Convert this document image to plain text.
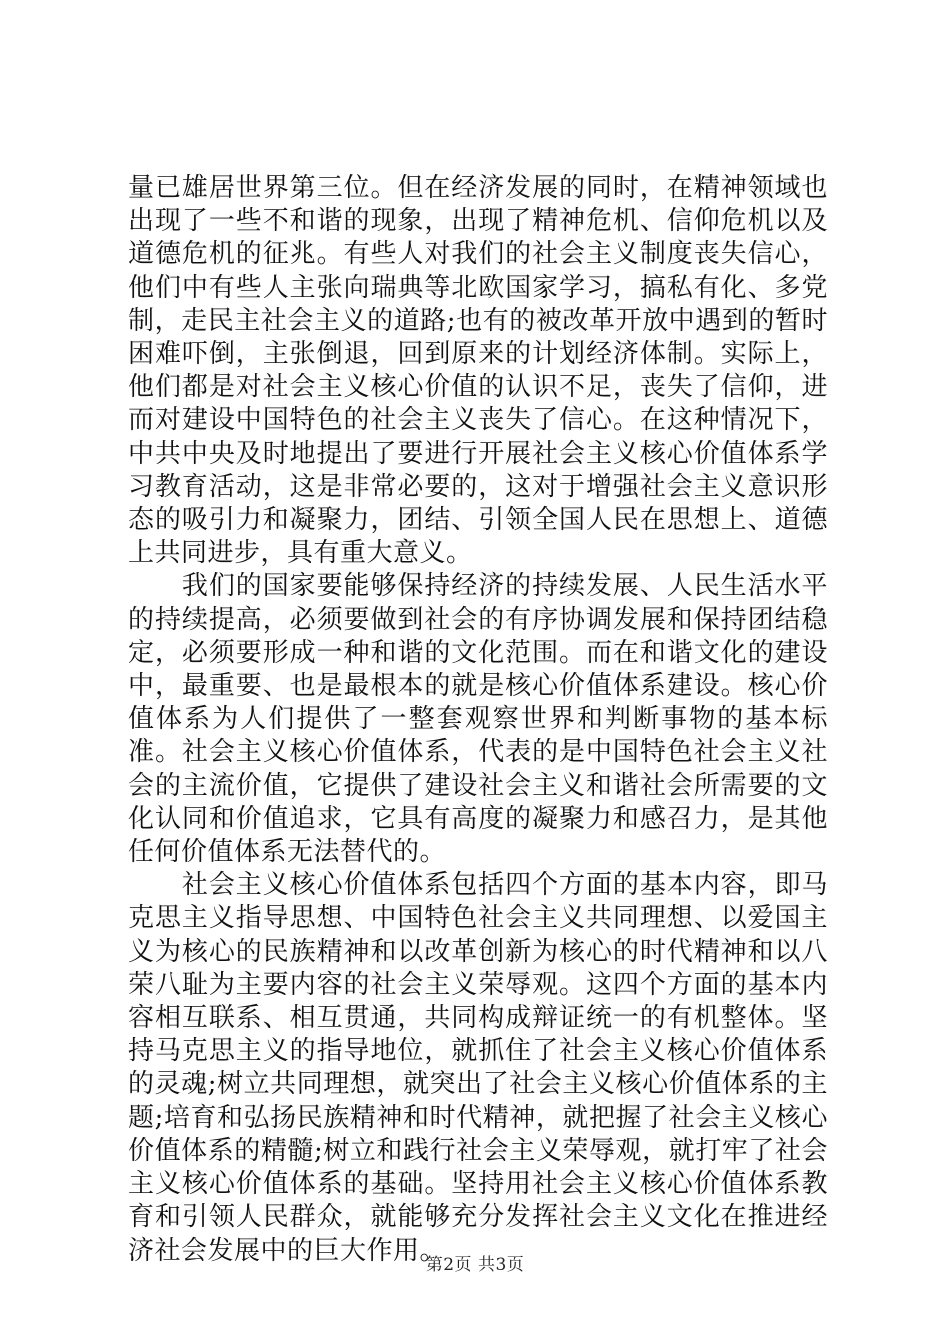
量已雄居世界第三位。但在经济发展的同时，在精神领域也出现了一些不和谐的现象，出现了精神危机、信仰危机以及道德危机的征兆。有些人对我们的社会主义制度丧失信心，他们中有些人主张向瑞典等北欧国家学习，搞私有化、多党制，走民主社会主义的道路;也有的被改革开放中遇到的暂时困难吓倒，主张倒退，回到原来的计划经济体制。实际上，他们都是对社会主义核心价值的认识不足，丧失了信仰，进而对建设中国特色的社会主义丧失了信心。在这种情况下，中共中央及时地提出了要进行开展社会主义核心价值体系学习教育活动，这是非常必要的，这对于增强社会主义意识形态的吸引力和凝聚力，团结、引领全国人民在思想上、道德上共同进步，具有重大意义。

　　我们的国家要能够保持经济的持续发展、人民生活水平的持续提高，必须要做到社会的有序协调发展和保持团结稳定，必须要形成一种和谐的文化范围。而在和谐文化的建设中，最重要、也是最根本的就是核心价值体系建设。核心价值体系为人们提供了一整套观察世界和判断事物的基本标准。社会主义核心价值体系，代表的是中国特色社会主义社会的主流价值，它提供了建设社会主义和谐社会所需要的文化认同和价值追求，它具有高度的凝聚力和感召力，是其他任何价值体系无法替代的。

　　社会主义核心价值体系包括四个方面的基本内容，即马克思主义指导思想、中国特色社会主义共同理想、以爱国主义为核心的民族精神和以改革创新为核心的时代精神和以八荣八耻为主要内容的社会主义荣辱观。这四个方面的基本内容相互联系、相互贯通，共同构成辩证统一的有机整体。坚持马克思主义的指导地位，就抓住了社会主义核心价值体系的灵魂;树立共同理想，就突出了社会主义核心价值体系的主题;培育和弘扬民族精神和时代精神，就把握了社会主义核心价值体系的精髓;树立和践行社会主义荣辱观，就打牢了社会主义核心价值体系的基础。坚持用社会主义核心价值体系教育和引领人民群众，就能够充分发挥社会主义文化在推进经济社会发展中的巨大作用。

第2页 共3页
